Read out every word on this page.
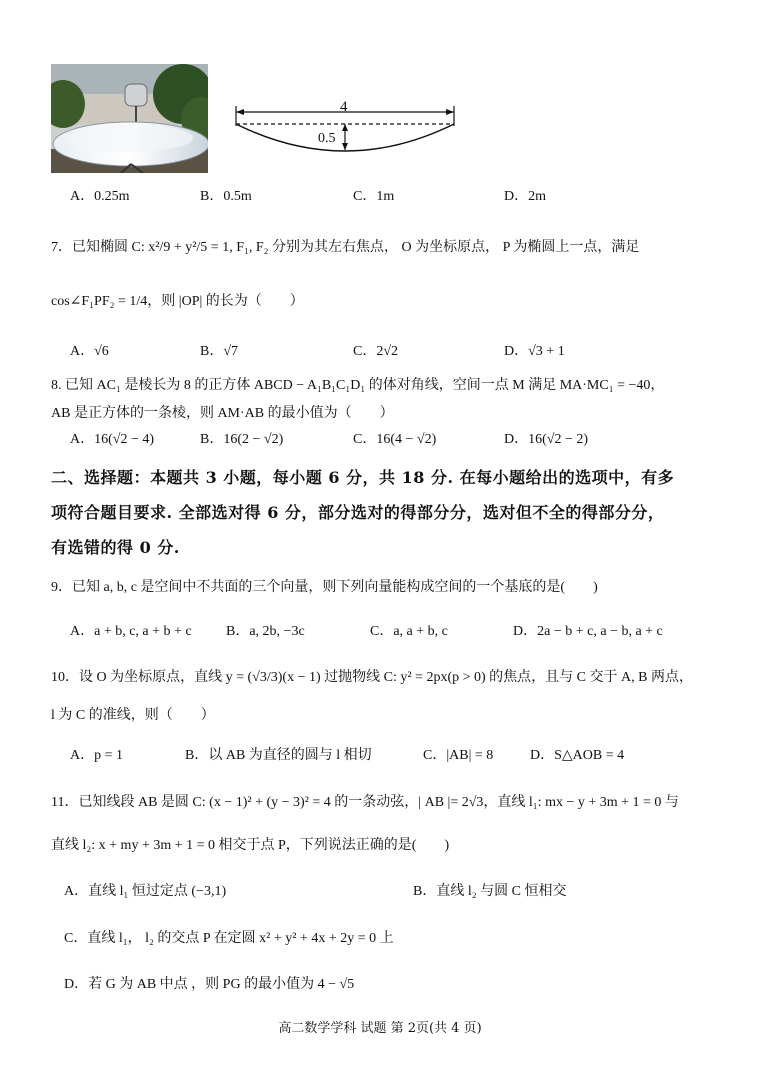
4
0.5
A．0.25m	B．0.5m	C．1m	D．2m
7．已知椭圆 C: x²/9 + y²/5 = 1, F₁, F₂ 分别为其左右焦点， O 为坐标原点， P 为椭圆上一点，满足
cos∠F₁PF₂ = 1/4，则 |OP| 的长为（　　）
A．√6	B．√7	C．2√2	D．√3 + 1
8. 已知 AC₁ 是棱长为 8 的正方体 ABCD − A₁B₁C₁D₁ 的体对角线，空间一点 M 满足 MA·MC₁ = −40，
AB 是正方体的一条棱，则 AM·AB 的最小值为（　　）
A．16(√2 − 4)	B．16(2 − √2)	C．16(4 − √2)	D．16(√2 − 2)
二、选择题：本题共 3 小题，每小题 6 分，共 18 分. 在每小题给出的选项中，有多
项符合题目要求. 全部选对得 6 分，部分选对的得部分分，选对但不全的得部分分，
有选错的得 0 分.
9．已知 a, b, c 是空间中不共面的三个向量，则下列向量能构成空间的一个基底的是(　　)
A．a + b, c, a + b + c B．a, 2b, −3c	C．a, a + b, c	D．2a − b + c, a − b, a + c
10．设 O 为坐标原点，直线 y = (√3/3)(x − 1) 过抛物线 C: y² = 2px(p > 0) 的焦点，且与 C 交于 A, B 两点，
l 为 C 的准线，则（　　）
A．p = 1	B．以 AB 为直径的圆与 l 相切	C．|AB| = 8	D．S△AOB = 4
11．已知线段 AB 是圆 C: (x − 1)² + (y − 3)² = 4 的一条动弦，| AB |= 2√3，直线 l₁: mx − y + 3m + 1 = 0 与
直线 l₂: x + my + 3m + 1 = 0 相交于点 P，下列说法正确的是(　　)
A．直线 l₁ 恒过定点 (−3,1)	B．直线 l₂ 与圆 C 恒相交
C．直线 l₁， l₂ 的交点 P 在定圆 x² + y² + 4x + 2y = 0 上
D．若 G 为 AB 中点 ，则 PG 的最小值为 4 − √5
高二数学学科 试题 第 2页(共 4 页)
